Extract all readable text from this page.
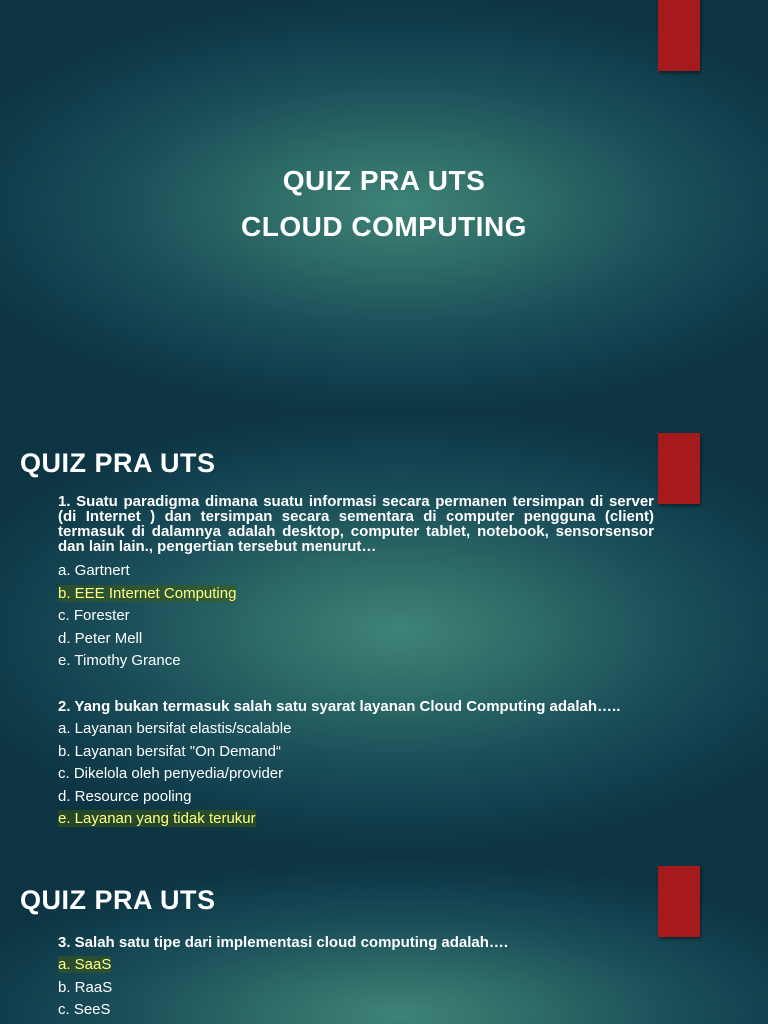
QUIZ PRA UTS
CLOUD COMPUTING
QUIZ PRA UTS

1. Suatu paradigma dimana suatu informasi secara permanen tersimpan di server (di Internet ) dan tersimpan secara sementara di computer pengguna (client) termasuk di dalamnya adalah desktop, computer tablet, notebook, sensorsensor dan lain lain., pengertian tersebut menurut…

a. Gartnert

b. EEE Internet Computing

c. Forester

d. Peter Mell

e. Timothy Grance

2. Yang bukan termasuk salah satu syarat layanan Cloud Computing adalah…..

a. Layanan bersifat elastis/scalable

b. Layanan bersifat "On Demand“

c. Dikelola oleh penyedia/provider

d. Resource pooling

e. Layanan yang tidak terukur

QUIZ PRA UTS

3. Salah satu tipe dari implementasi cloud computing adalah….

a. SaaS

b. RaaS

c. SeeS
